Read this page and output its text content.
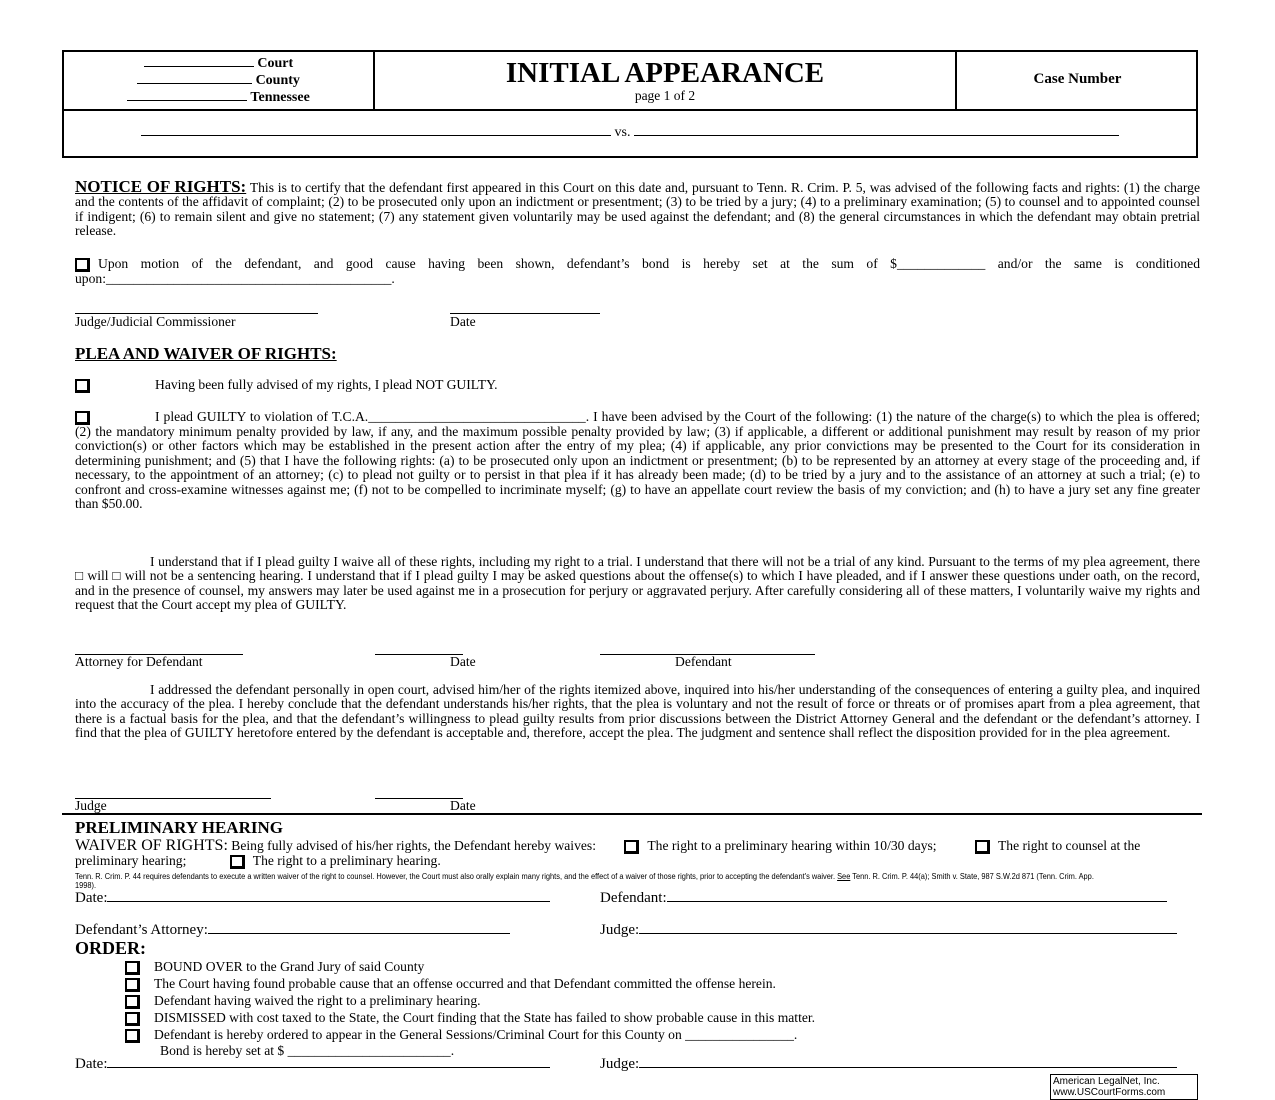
Court
County
Tennessee
INITIAL APPEARANCE
page 1 of 2
Case Number
vs.
NOTICE OF RIGHTS: This is to certify that the defendant first appeared in this Court on this date and, pursuant to Tenn. R. Crim. P. 5, was advised of the following facts and rights: (1) the charge and the contents of the affidavit of complaint; (2) to be prosecuted only upon an indictment or presentment; (3) to be tried by a jury; (4) to a preliminary examination; (5) to counsel and to appointed counsel if indigent; (6) to remain silent and give no statement; (7) any statement given voluntarily may be used against the defendant; and (8) the general circumstances in which the defendant may obtain pretrial release.
Upon motion of the defendant, and good cause having been shown, defendant’s bond is hereby set at the sum of $_____________ and/or the same is conditioned upon:__________________________________________.
Judge/Judicial Commissioner	Date
PLEA AND WAIVER OF RIGHTS:
Having been fully advised of my rights, I plead NOT GUILTY.
I plead GUILTY to violation of T.C.A.________________________________. I have been advised by the Court of the following: (1) the nature of the charge(s) to which the plea is offered; (2) the mandatory minimum penalty provided by law, if any, and the maximum possible penalty provided by law; (3) if applicable, a different or additional punishment may result by reason of my prior conviction(s) or other factors which may be established in the present action after the entry of my plea; (4) if applicable, any prior convictions may be presented to the Court for its consideration in determining punishment; and (5) that I have the following rights: (a) to be prosecuted only upon an indictment or presentment; (b) to be represented by an attorney at every stage of the proceeding and, if necessary, to the appointment of an attorney; (c) to plead not guilty or to persist in that plea if it has already been made; (d) to be tried by a jury and to the assistance of an attorney at such a trial; (e) to confront and cross-examine witnesses against me; (f) not to be compelled to incriminate myself; (g) to have an appellate court review the basis of my conviction; and (h) to have a jury set any fine greater than $50.00.
I understand that if I plead guilty I waive all of these rights, including my right to a trial. I understand that there will not be a trial of any kind. Pursuant to the terms of my plea agreement, there □ will □ will not be a sentencing hearing. I understand that if I plead guilty I may be asked questions about the offense(s) to which I have pleaded, and if I answer these questions under oath, on the record, and in the presence of counsel, my answers may later be used against me in a prosecution for perjury or aggravated perjury. After carefully considering all of these matters, I voluntarily waive my rights and request that the Court accept my plea of GUILTY.
Attorney for Defendant	Date	Defendant
I addressed the defendant personally in open court, advised him/her of the rights itemized above, inquired into his/her understanding of the consequences of entering a guilty plea, and inquired into the accuracy of the plea. I hereby conclude that the defendant understands his/her rights, that the plea is voluntary and not the result of force or threats or of promises apart from a plea agreement, that there is a factual basis for the plea, and that the defendant’s willingness to plead guilty results from prior discussions between the District Attorney General and the defendant or the defendant’s attorney. I find that the plea of GUILTY heretofore entered by the defendant is acceptable and, therefore, accept the plea. The judgment and sentence shall reflect the disposition provided for in the plea agreement.
Judge	Date
PRELIMINARY HEARING
WAIVER OF RIGHTS: Being fully advised of his/her rights, the Defendant hereby waives:	The right to a preliminary hearing within 10/30 days;	The right to counsel at the preliminary hearing;	The right to a preliminary hearing.
Tenn. R. Crim. P. 44 requires defendants to execute a written waiver of the right to counsel. However, the Court must also orally explain many rights, and the effect of a waiver of those rights, prior to accepting the defendant's waiver. See Tenn. R. Crim. P. 44(a); Smith v. State, 987 S.W.2d 871 (Tenn. Crim. App. 1998).
Date:	Defendant:
Defendant’s Attorney:	Judge:
ORDER:
BOUND OVER to the Grand Jury of said County
The Court having found probable cause that an offense occurred and that Defendant committed the offense herein.
Defendant having waived the right to a preliminary hearing.
DISMISSED with cost taxed to the State, the Court finding that the State has failed to show probable cause in this matter.
Defendant is hereby ordered to appear in the General Sessions/Criminal Court for this County on ________________.
Bond is hereby set at $ ________________________.
Date:	Judge:
American LegalNet, Inc.
www.USCourtForms.com
